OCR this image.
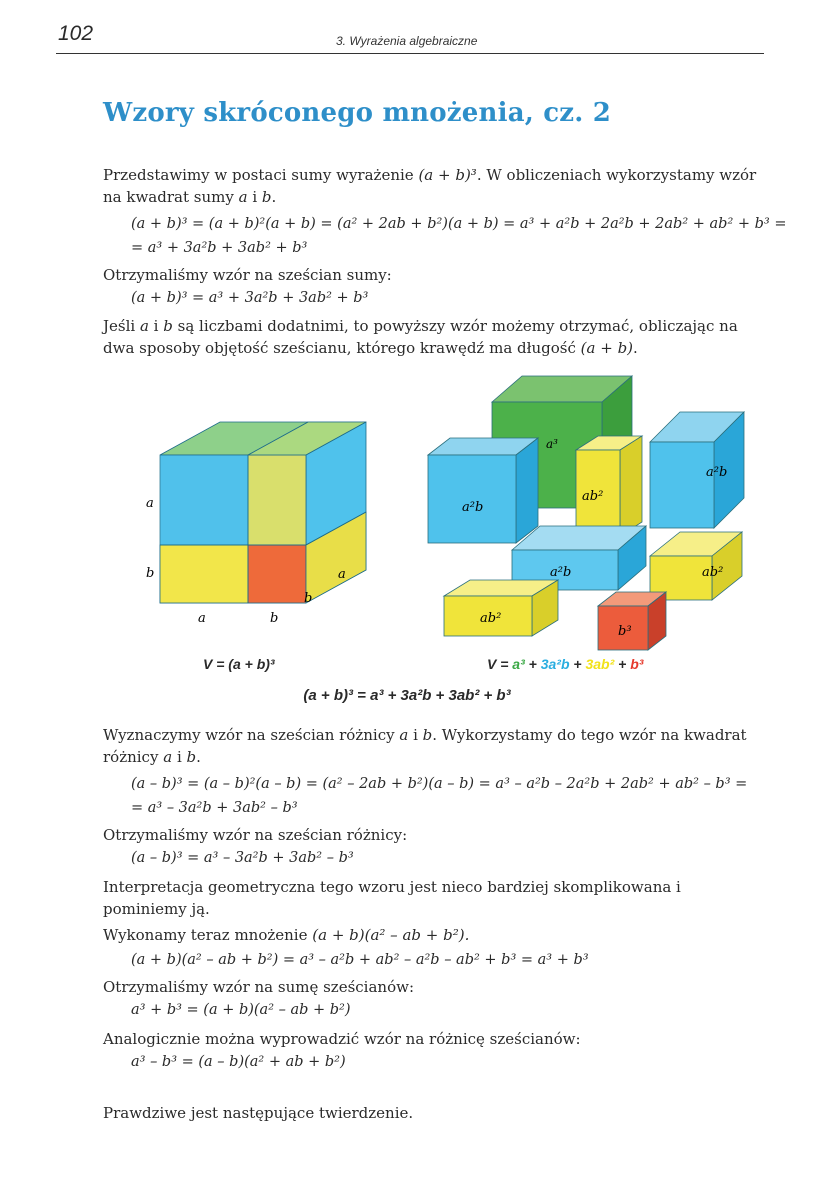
102	3. Wyrażenia algebraiczne
Wzory skróconego mnożenia, cz. 2

Przedstawimy w postaci sumy wyrażenie (a + b)³. W obliczeniach wykorzystamy wzór na kwadrat sumy a i b.

(a + b)³ = (a + b)²(a + b) = (a² + 2ab + b²)(a + b) = a³ + a²b + 2a²b + 2ab² + ab² + b³ =

= a³ + 3a²b + 3ab² + b³

Otrzymaliśmy wzór na sześcian sumy:

(a + b)³ = a³ + 3a²b + 3ab² + b³

Jeśli a i b są liczbami dodatnimi, to powyższy wzór możemy otrzymać, obliczając na dwa sposoby objętość sześcianu, którego krawędź ma długość (a + b).

a
b
a	b
b
a
a³
a²b
ab²
a²b
a²b	ab²
ab²
b³
V = (a + b)³	V = a³ + 3a²b + 3ab² + b³
(a + b)³ = a³ + 3a²b + 3ab² + b³

Wyznaczymy wzór na sześcian różnicy a i b. Wykorzystamy do tego wzór na kwadrat różnicy a i b.

(a – b)³ = (a – b)²(a – b) = (a² – 2ab + b²)(a – b) = a³ – a²b – 2a²b + 2ab² + ab² – b³ =

= a³ – 3a²b + 3ab² – b³

Otrzymaliśmy wzór na sześcian różnicy:

(a – b)³ = a³ – 3a²b + 3ab² – b³

Interpretacja geometryczna tego wzoru jest nieco bardziej skomplikowana i pominiemy ją.

Wykonamy teraz mnożenie (a + b)(a² – ab + b²).

(a + b)(a² – ab + b²) = a³ – a²b + ab² – a²b – ab² + b³ = a³ + b³

Otrzymaliśmy wzór na sumę sześcianów:

a³ + b³ = (a + b)(a² – ab + b²)

Analogicznie można wyprowadzić wzór na różnicę sześcianów:

a³ – b³ = (a – b)(a² + ab + b²)

Prawdziwe jest następujące twierdzenie.
